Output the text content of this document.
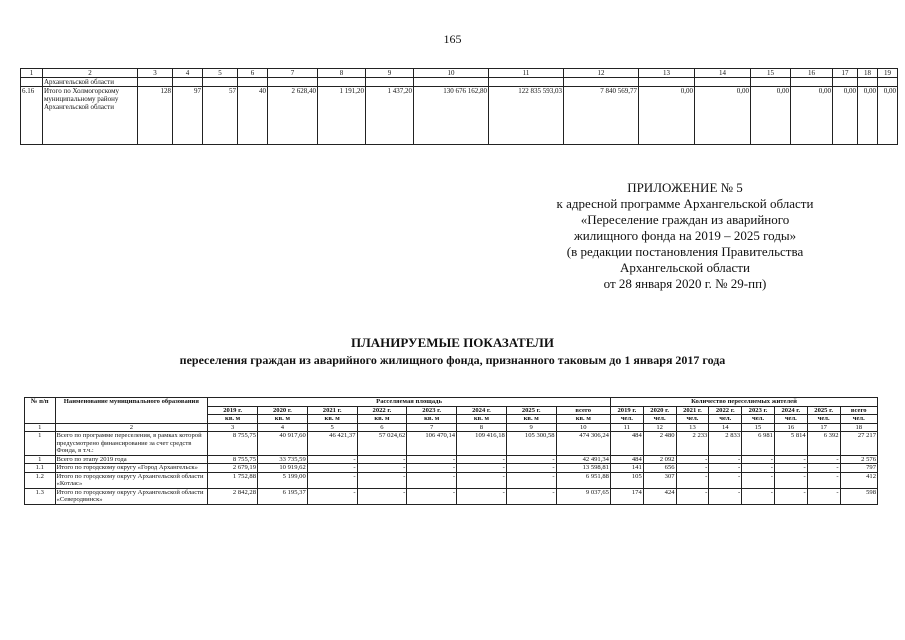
165
1	2	3	4	5	6	7	8	9	10	11	12	13	14	15	16	17	18	19
	Архангельской области																	
6.16	Итого по Холмогорскому муниципальному району Архангельской области	128	97	57	40	2 628,40	1 191,20	1 437,20	130 676 162,80	122 835 593,03	7 840 569,77	0,00	0,00	0,00	0,00	0,00	0,00	0,00
ПРИЛОЖЕНИЕ № 5
к адресной программе Архангельской области
«Переселение граждан из аварийного
жилищного фонда на 2019 – 2025 годы»
(в редакции постановления Правительства
Архангельской области
от 28 января 2020 г. № 29-пп)
ПЛАНИРУЕМЫЕ ПОКАЗАТЕЛИ
переселения граждан из аварийного жилищного фонда, признанного таковым до 1 января 2017 года
№ п/п	Наименование муниципального образования	Расселяемая площадь								Количество переселяемых жителей							
		2019 г.	2020 г.	2021 г.	2022 г.	2023 г.	2024 г.	2025 г.	всего	2019 г.	2020 г.	2021 г.	2022 г.	2023 г.	2024 г.	2025 г.	всего
		кв. м	кв. м	кв. м	кв. м	кв. м	кв. м	кв. м	кв. м	чел.	чел.	чел.	чел.	чел.	чел.	чел.	чел.
1	2	3	4	5	6	7	8	9	10	11	12	13	14	15	16	17	18
1	Всего по программе переселения, в рамках которой предусмотрено финансирование за счет средств Фонда, в т.ч.:	8 755,75	40 917,60	46 421,37	57 024,62	106 470,14	109 416,18	105 300,58	474 306,24	484	2 480	2 233	2 833	6 981	5 814	6 392	27 217
1	Всего по этапу 2019 года	8 755,75	33 735,59	-	-	-	-	-	42 491,34	484	2 092	-	-	-	-	-	2 576
1.1	Итого по городскому округу «Город Архангельск»	2 679,19	10 919,62	-	-	-	-	-	13 598,81	141	656	-	-	-	-	-	797
1.2	Итого по городскому округу Архангельской области «Котлас»	1 752,88	5 199,00	-	-	-	-	-	6 951,88	105	307	-	-	-	-	-	412
1.3	Итого по городскому округу Архангельской области «Северодвинск»	2 842,28	6 195,37	-	-	-	-	-	9 037,65	174	424	-	-	-	-	-	598
